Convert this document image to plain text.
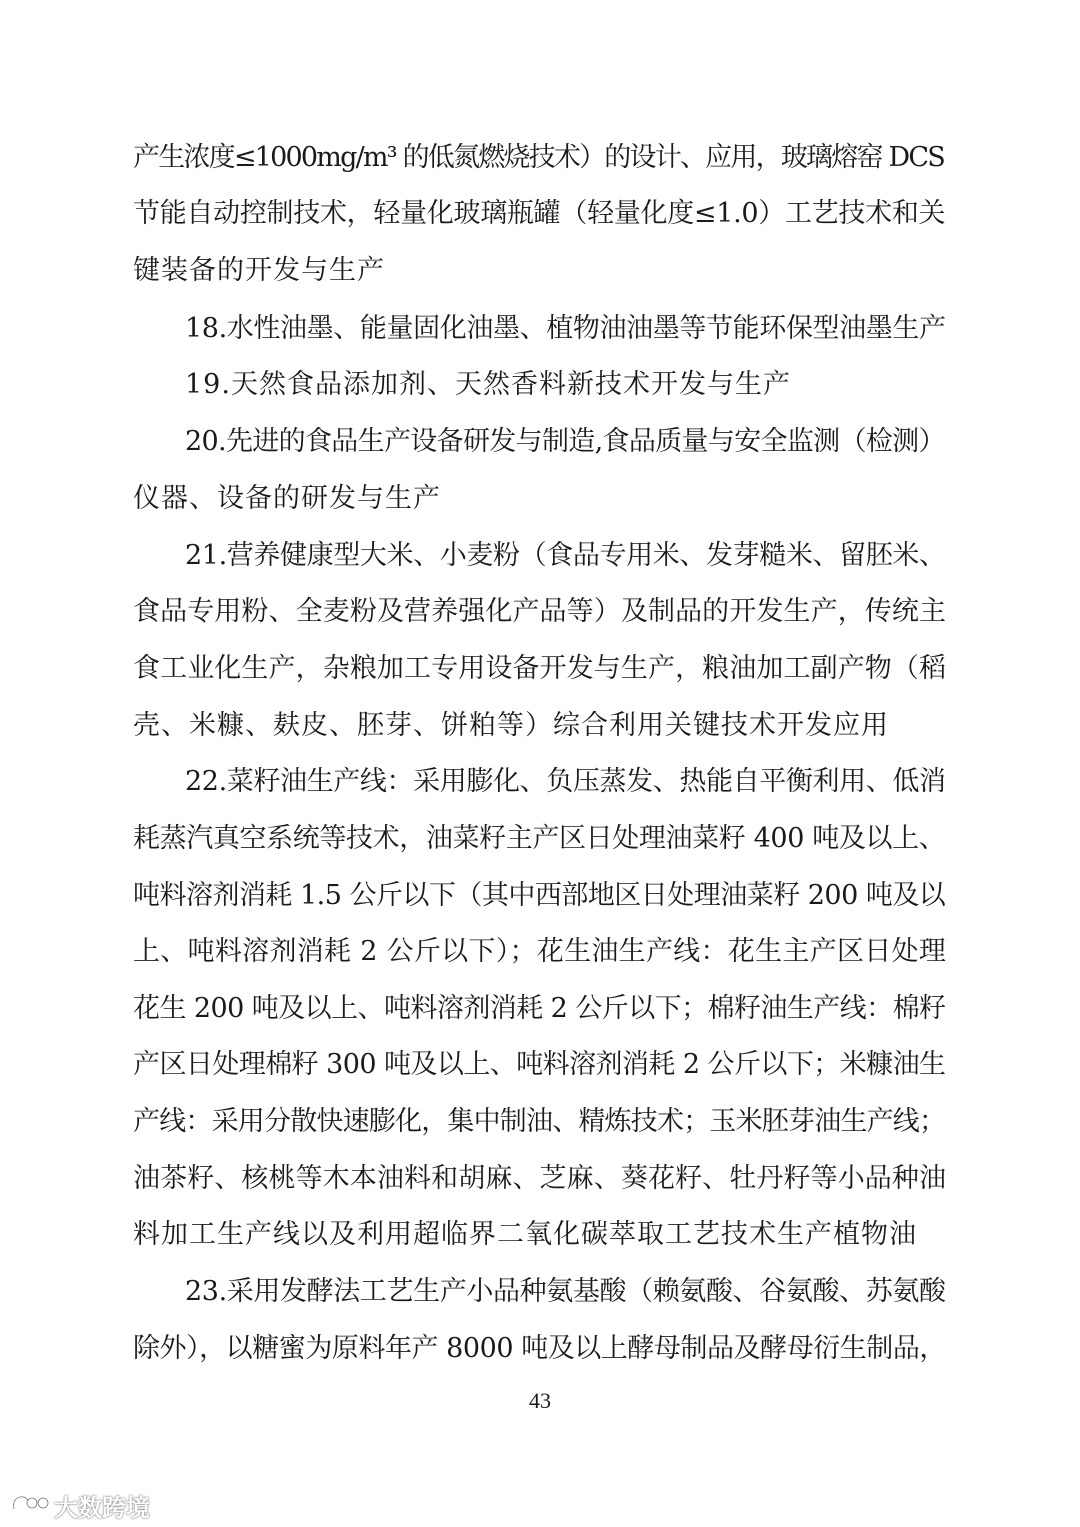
产生浓度≤1000mg/m³ 的低氮燃烧技术）的设计、应用，玻璃熔窑 DCS
节能自动控制技术，轻量化玻璃瓶罐（轻量化度≤1.0）工艺技术和关
键装备的开发与生产
18.水性油墨、能量固化油墨、植物油油墨等节能环保型油墨生产
19.天然食品添加剂、天然香料新技术开发与生产
20.先进的食品生产设备研发与制造,食品质量与安全监测（检测）
仪器、设备的研发与生产
21.营养健康型大米、小麦粉（食品专用米、发芽糙米、留胚米、
食品专用粉、全麦粉及营养强化产品等）及制品的开发生产，传统主
食工业化生产，杂粮加工专用设备开发与生产，粮油加工副产物（稻
壳、米糠、麸皮、胚芽、饼粕等）综合利用关键技术开发应用
22.菜籽油生产线：采用膨化、负压蒸发、热能自平衡利用、低消
耗蒸汽真空系统等技术，油菜籽主产区日处理油菜籽 400 吨及以上、
吨料溶剂消耗 1.5 公斤以下（其中西部地区日处理油菜籽 200 吨及以
上、吨料溶剂消耗 2 公斤以下）；花生油生产线：花生主产区日处理
花生 200 吨及以上、吨料溶剂消耗 2 公斤以下；棉籽油生产线：棉籽
产区日处理棉籽 300 吨及以上、吨料溶剂消耗 2 公斤以下；米糠油生
产线：采用分散快速膨化，集中制油、精炼技术；玉米胚芽油生产线；
油茶籽、核桃等木本油料和胡麻、芝麻、葵花籽、牡丹籽等小品种油
料加工生产线以及利用超临界二氧化碳萃取工艺技术生产植物油
23.采用发酵法工艺生产小品种氨基酸（赖氨酸、谷氨酸、苏氨酸
除外），以糖蜜为原料年产 8000 吨及以上酵母制品及酵母衍生制品，
43
大数跨境
